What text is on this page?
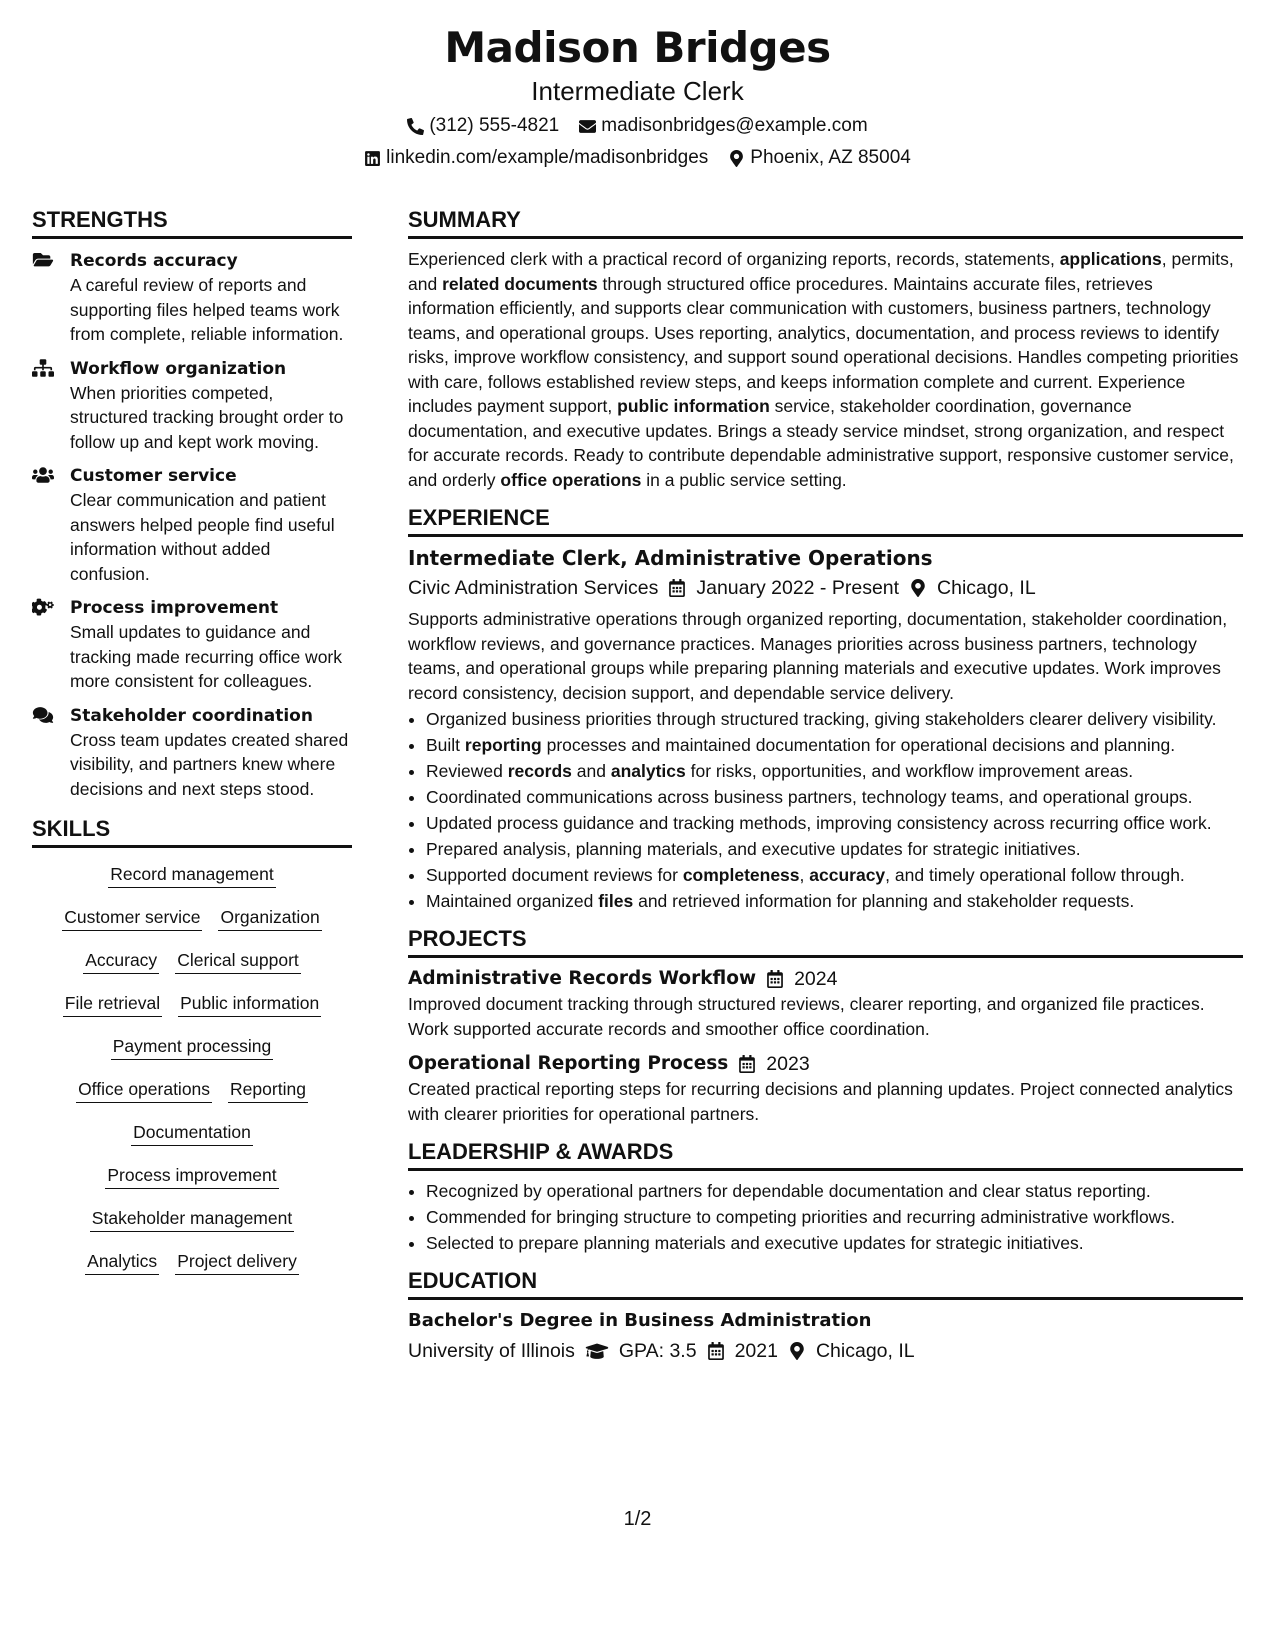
Madison Bridges
Intermediate Clerk
(312) 555-4821 madisonbridges@example.com
linkedin.com/example/madisonbridges Phoenix, AZ 85004
STRENGTHS
Records accuracy
A careful review of reports and supporting files helped teams work from complete, reliable information.
Workflow organization
When priorities competed, structured tracking brought order to follow up and kept work moving.
Customer service
Clear communication and patient answers helped people find useful information without added confusion.
Process improvement
Small updates to guidance and tracking made recurring office work more consistent for colleagues.
Stakeholder coordination
Cross team updates created shared visibility, and partners knew where decisions and next steps stood.
SKILLS
Record management
Customer service Organization
Accuracy Clerical support
File retrieval Public information
Payment processing
Office operations Reporting
Documentation
Process improvement
Stakeholder management
Analytics Project delivery
SUMMARY

Experienced clerk with a practical record of organizing reports, records, statements, applications, permits, and related documents through structured office procedures. Maintains accurate files, retrieves information efficiently, and supports clear communication with customers, business partners, technology teams, and operational groups. Uses reporting, analytics, documentation, and process reviews to identify risks, improve workflow consistency, and support sound operational decisions. Handles competing priorities with care, follows established review steps, and keeps information complete and current. Experience includes payment support, public information service, stakeholder coordination, governance documentation, and executive updates. Brings a steady service mindset, strong organization, and respect for accurate records. Ready to contribute dependable administrative support, responsive customer service, and orderly office operations in a public service setting.

EXPERIENCE
Intermediate Clerk, Administrative Operations
Civic Administration Services January 2022 - Present Chicago, IL

Supports administrative operations through organized reporting, documentation, stakeholder coordination, workflow reviews, and governance practices. Manages priorities across business partners, technology teams, and operational groups while preparing planning materials and executive updates. Work improves record consistency, decision support, and dependable service delivery.

• Organized business priorities through structured tracking, giving stakeholders clearer delivery visibility.
• Built reporting processes and maintained documentation for operational decisions and planning.
• Reviewed records and analytics for risks, opportunities, and workflow improvement areas.
• Coordinated communications across business partners, technology teams, and operational groups.
• Updated process guidance and tracking methods, improving consistency across recurring office work.
• Prepared analysis, planning materials, and executive updates for strategic initiatives.
• Supported document reviews for completeness, accuracy, and timely operational follow through.
• Maintained organized files and retrieved information for planning and stakeholder requests.
PROJECTS
Administrative Records Workflow 2024

Improved document tracking through structured reviews, clearer reporting, and organized file practices. Work supported accurate records and smoother office coordination.

Operational Reporting Process 2023

Created practical reporting steps for recurring decisions and planning updates. Project connected analytics with clearer priorities for operational partners.

LEADERSHIP & AWARDS
• Recognized by operational partners for dependable documentation and clear status reporting.
• Commended for bringing structure to competing priorities and recurring administrative workflows.
• Selected to prepare planning materials and executive updates for strategic initiatives.
EDUCATION
Bachelor's Degree in Business Administration
University of Illinois GPA: 3.5 2021 Chicago, IL
1/2
